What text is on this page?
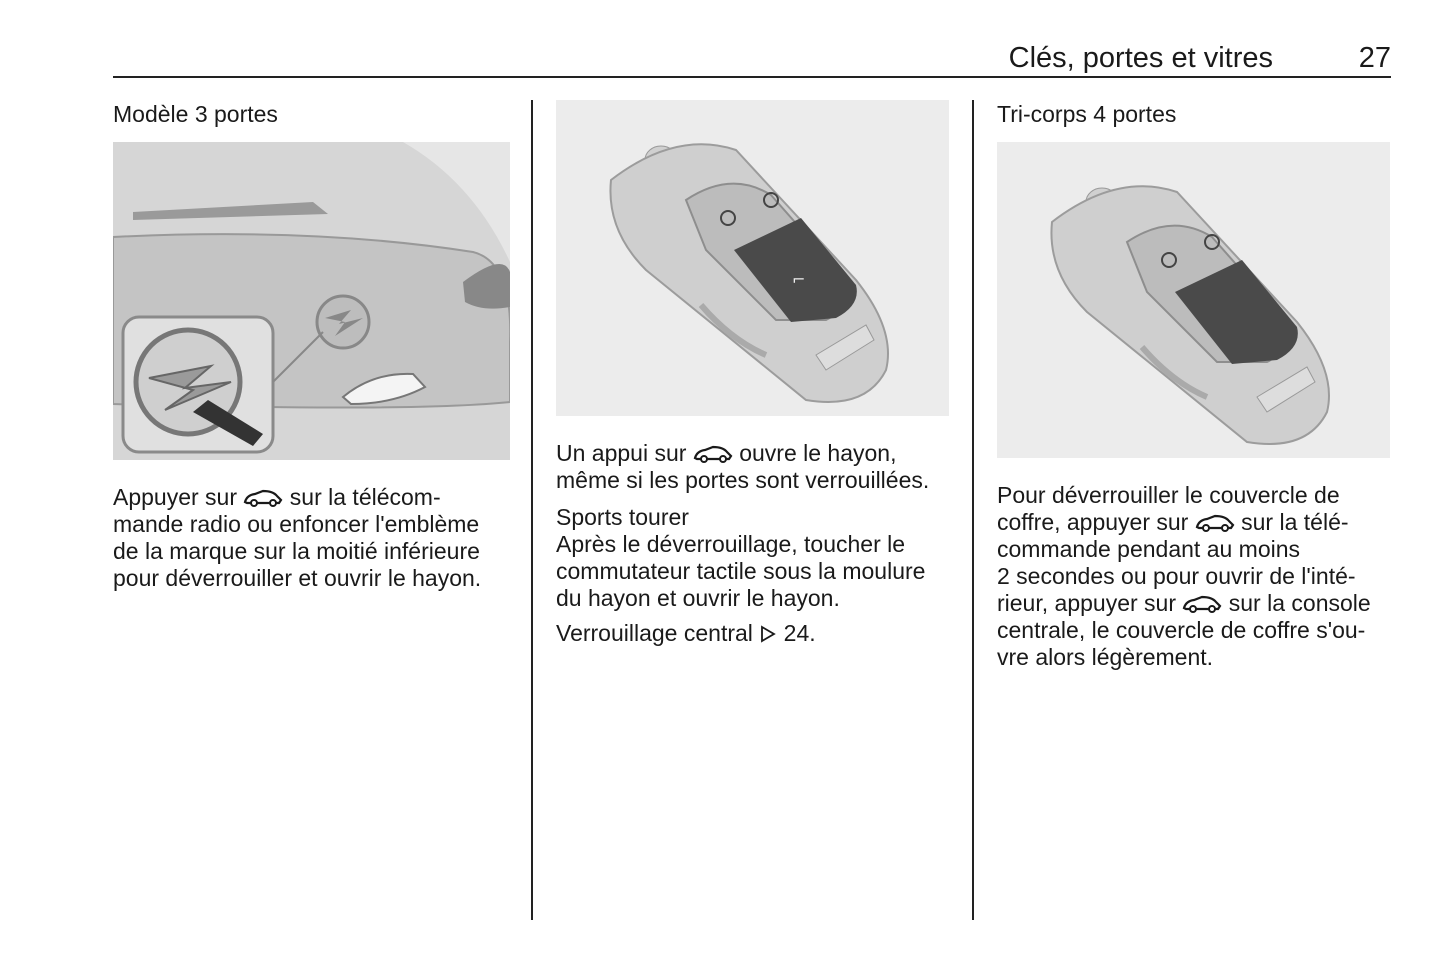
Clés, portes et vitres	27

Modèle 3 portes

Appuyer sur  sur la télécom-
mande radio ou enfoncer l'emblème
de la marque sur la moitié inférieure
pour déverrouiller et ouvrir le hayon.

⌐

Un appui sur  ouvre le hayon,
même si les portes sont verrouillées.

Sports tourer

Après le déverrouillage, toucher le
commutateur tactile sous la moulure
du hayon et ouvrir le hayon.

Verrouillage central  24.

Tri-corps 4 portes

Pour déverrouiller le couvercle de
coffre, appuyer sur  sur la télé-
commande pendant au moins
2 secondes ou pour ouvrir de l'inté-
rieur, appuyer sur  sur la console
centrale, le couvercle de coffre s'ou-
vre alors légèrement.
